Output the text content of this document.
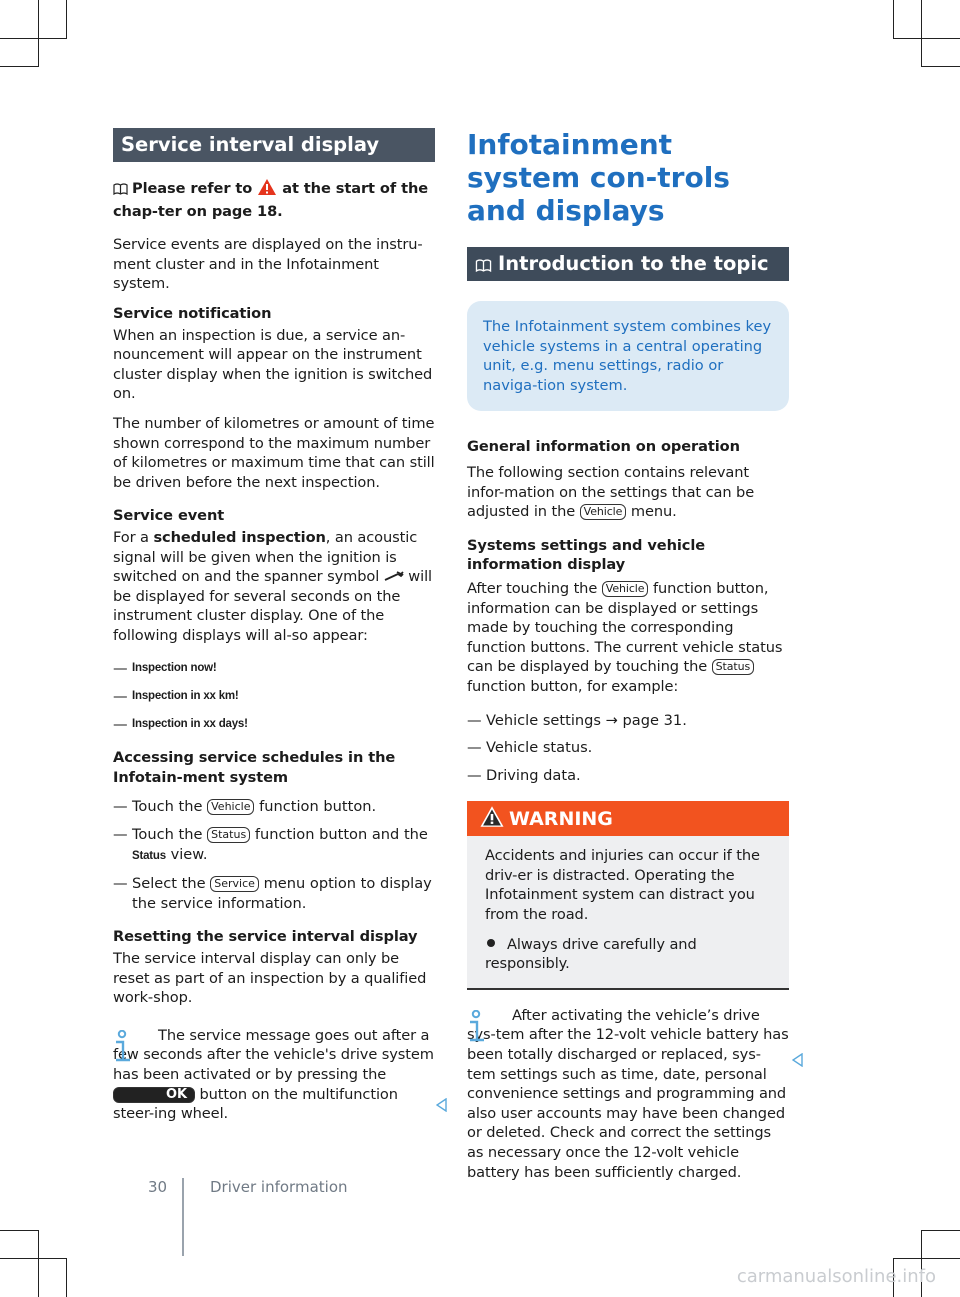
Service interval display

Please refer to at the start of the chap-ter on page 18.

Service events are displayed on the instru-ment cluster and in the Infotainment system.

Service notification

When an inspection is due, a service an-nouncement will appear on the instrument cluster display when the ignition is switched on.

The number of kilometres or amount of time shown correspond to the maximum number of kilometres or maximum time that can still be driven before the next inspection.

Service event

For a scheduled inspection, an acoustic signal will be given when the ignition is switched on and the spanner symbol will be displayed for several seconds on the instrument cluster display. One of the following displays will al-so appear:

— Inspection now!
— Inspection in xx km!
— Inspection in xx days!

Accessing service schedules in the Infotain-ment system

— Touch the Vehicle function button.
— Touch the Status function button and the Status view.
— Select the Service menu option to display the service information.

Resetting the service interval display

The service interval display can only be reset as part of an inspection by a qualified work-shop.

The service message goes out after a few seconds after the vehicle's drive system has been activated or by pressing the OK button on the multifunction steer-ing wheel.

Infotainment system con-trols and displays
Introduction to the topic
The Infotainment system combines key vehicle systems in a central operating unit, e.g. menu settings, radio or naviga-tion system.

General information on operation

The following section contains relevant infor-mation on the settings that can be adjusted in the Vehicle menu.

Systems settings and vehicle information display

After touching the Vehicle function button, information can be displayed or settings made by touching the corresponding function buttons. The current vehicle status can be displayed by touching the Status function button, for example:

— Vehicle settings → page 31.
— Vehicle status.
— Driving data.
WARNING

Accidents and injuries can occur if the driv-er is distracted. Operating the Infotainment system can distract you from the road.

Always drive carefully and responsibly.

After activating the vehicle’s drive sys-tem after the 12-volt vehicle battery has been totally discharged or replaced, sys-tem settings such as time, date, personal convenience settings and programming and also user accounts may have been changed or deleted. Check and correct the settings as necessary once the 12-volt vehicle battery has been sufficiently charged.

30	Driver information
carmanualsonline.info
